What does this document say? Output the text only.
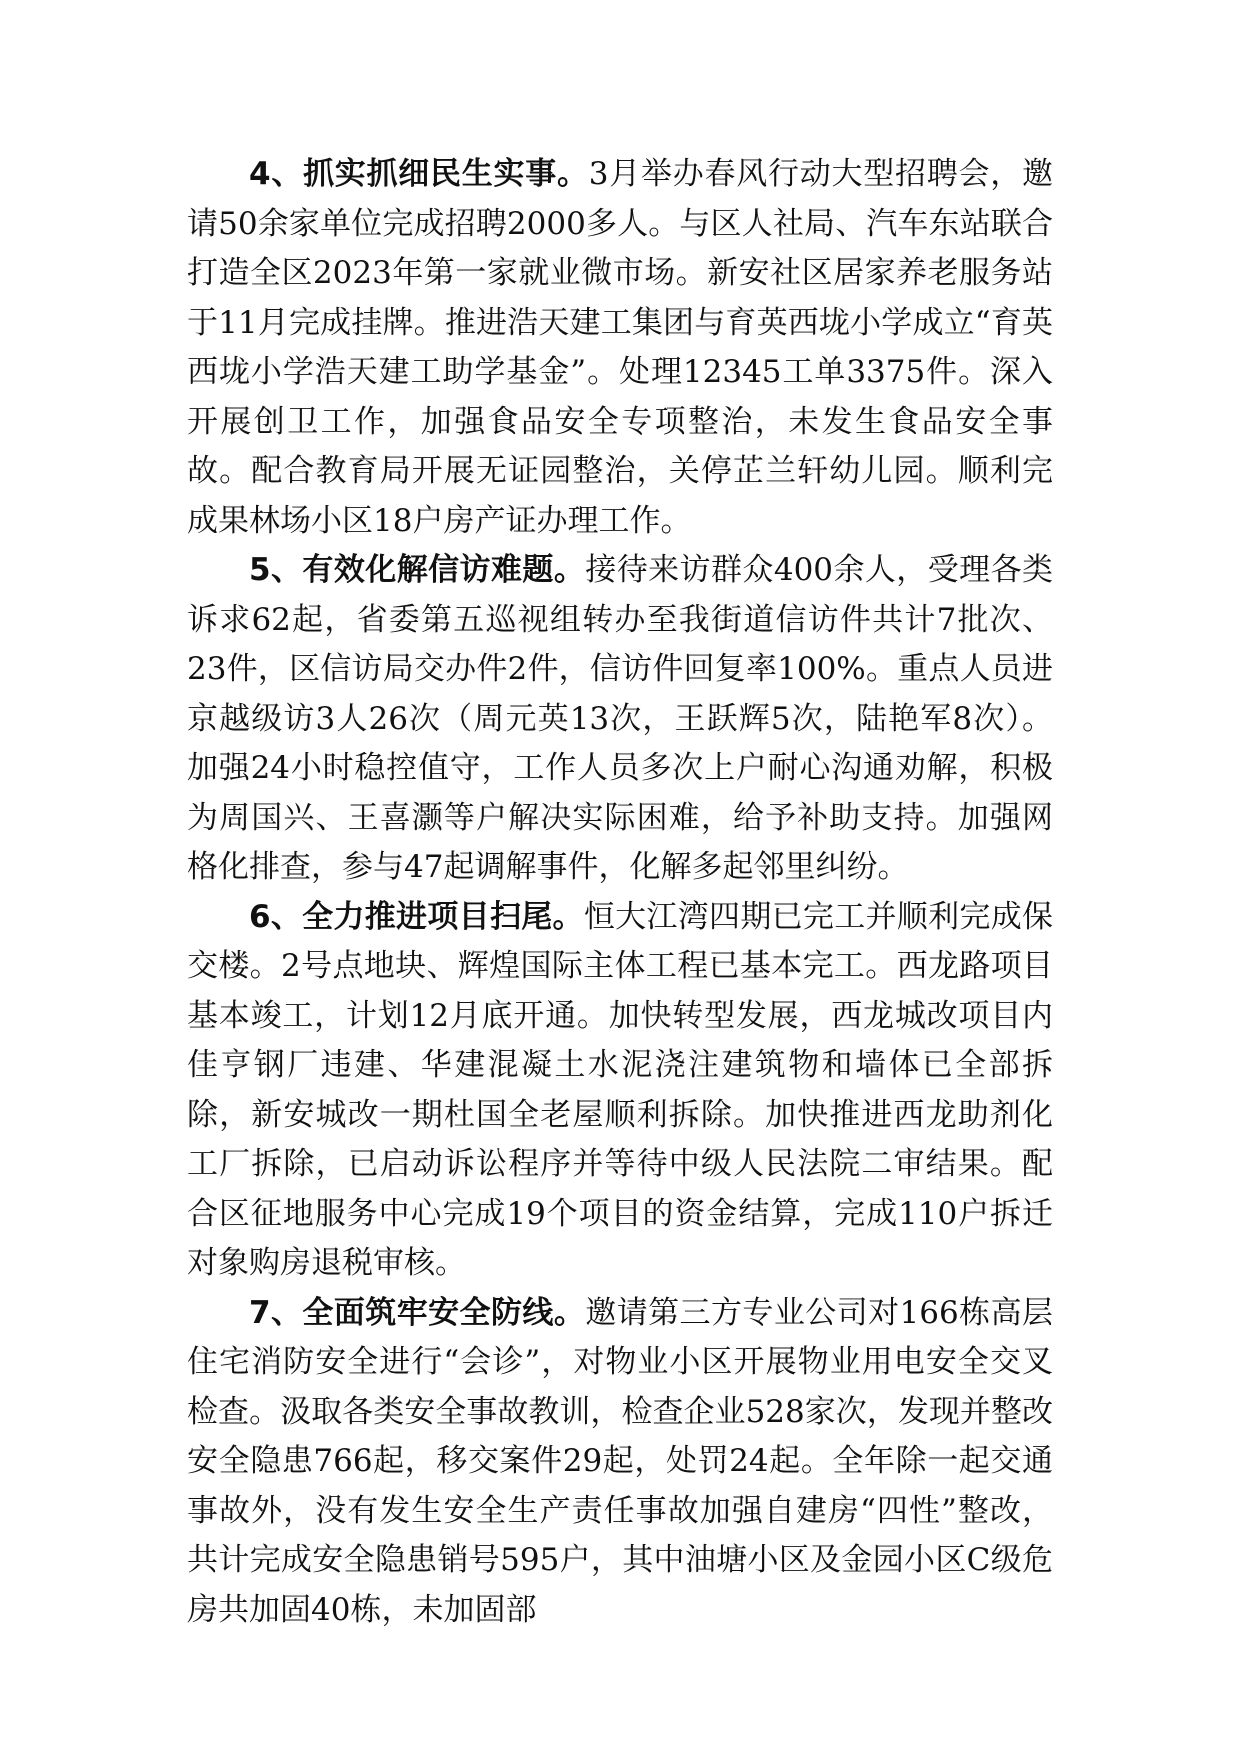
4、抓实抓细民生实事。3月举办春风行动大型招聘会，邀请50余家单位完成招聘2000多人。与区人社局、汽车东站联合打造全区2023年第一家就业微市场。新安社区居家养老服务站于11月完成挂牌。推进浩天建工集团与育英西垅小学成立“育英西垅小学浩天建工助学基金”。处理12345工单3375件。深入开展创卫工作，加强食品安全专项整治，未发生食品安全事故。配合教育局开展无证园整治，关停芷兰轩幼儿园。顺利完成果林场小区18户房产证办理工作。

5、有效化解信访难题。接待来访群众400余人，受理各类诉求62起，省委第五巡视组转办至我街道信访件共计7批次、23件，区信访局交办件2件，信访件回复率100%。重点人员进京越级访3人26次（周元英13次，王跃辉5次，陆艳军8次）。加强24小时稳控值守，工作人员多次上户耐心沟通劝解，积极为周国兴、王喜灏等户解决实际困难，给予补助支持。加强网格化排查，参与47起调解事件，化解多起邻里纠纷。

6、全力推进项目扫尾。恒大江湾四期已完工并顺利完成保交楼。2号点地块、辉煌国际主体工程已基本完工。西龙路项目基本竣工，计划12月底开通。加快转型发展，西龙城改项目内佳亨钢厂违建、华建混凝土水泥浇注建筑物和墙体已全部拆除，新安城改一期杜国全老屋顺利拆除。加快推进西龙助剂化工厂拆除，已启动诉讼程序并等待中级人民法院二审结果。配合区征地服务中心完成19个项目的资金结算，完成110户拆迁对象购房退税审核。

7、全面筑牢安全防线。邀请第三方专业公司对166栋高层住宅消防安全进行“会诊”，对物业小区开展物业用电安全交叉检查。汲取各类安全事故教训，检查企业528家次，发现并整改安全隐患766起，移交案件29起，处罚24起。全年除一起交通事故外，没有发生安全生产责任事故加强自建房“四性”整改，共计完成安全隐患销号595户，其中油塘小区及金园小区C级危房共加固40栋，未加固部
